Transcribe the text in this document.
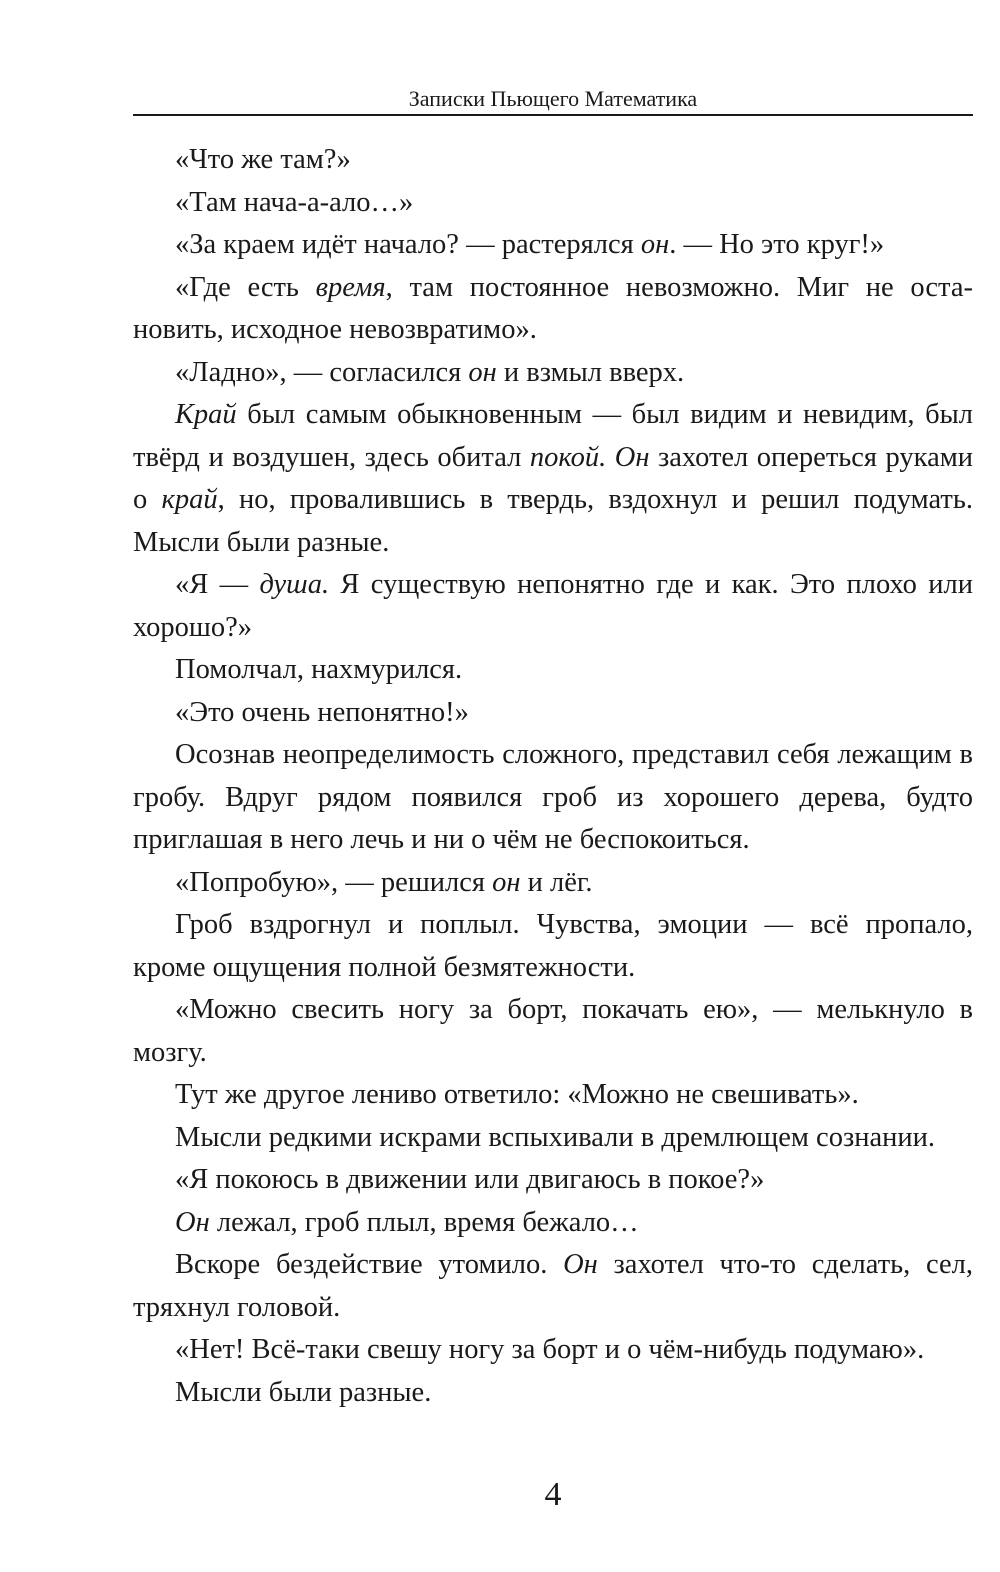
Записки Пьющего Математика

«Что же там?»

«Там нача-а-ало…»

«За краем идёт начало? — растерялся он. — Но это круг!»

«Где есть время, там постоянное невозможно. Миг не остановить, исходное невозвратимо».

«Ладно», — согласился он и взмыл вверх.

Край был самым обыкновенным — был видим и невидим, был твёрд и воздушен, здесь обитал покой. Он захотел опереться руками о край, но, провалившись в твердь, вздохнул и решил подумать. Мысли были разные.

«Я — душа. Я существую непонятно где и как. Это плохо или хорошо?»

Помолчал, нахмурился.

«Это очень непонятно!»

Осознав неопределимость сложного, представил себя лежащим в гробу. Вдруг рядом появился гроб из хорошего дерева, будто приглашая в него лечь и ни о чём не беспокоиться.

«Попробую», — решился он и лёг.

Гроб вздрогнул и поплыл. Чувства, эмоции — всё пропало, кроме ощущения полной безмятежности.

«Можно свесить ногу за борт, покачать ею», — мелькнуло в мозгу.

Тут же другое лениво ответило: «Можно не свешивать».

Мысли редкими искрами вспыхивали в дремлющем сознании.

«Я покоюсь в движении или двигаюсь в покое?»

Он лежал, гроб плыл, время бежало…

Вскоре бездействие утомило. Он захотел что-то сделать, сел, тряхнул головой.

«Нет! Всё-таки свешу ногу за борт и о чём-нибудь подумаю».

Мысли были разные.

4
